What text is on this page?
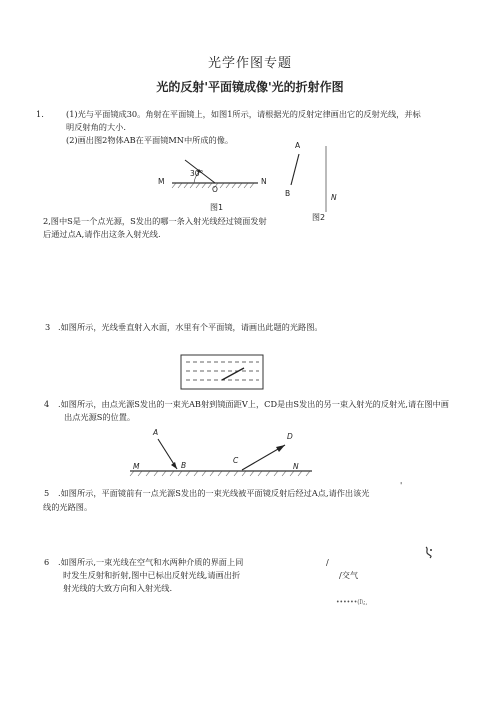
光学作图专题
光的反射'平面镜成像'光的折射作图
1.	(1)光与平面镜成30。角射在平面镜上，如图1所示，请根据光的反射定律画出它的反射光线，并标
明反射角的大小.
(2)画出图2物体AB在平面镜MN中所成的像。
M	N
O
30°
图1
A
B	N
图2
2,图中S是一个点光源，S发出的哪一条入射光线经过镜面发射
后通过点A,请作出这条入射光线.
3 .如图所示，光线垂直射入水面，水里有个平面镜，请画出此题的光路图。
4 .如图所示，由点光源S发出的一束光AB射到镜面距V上，CD是由S发出的另一束入射光的反射光,请在图中画
出点光源S的位置。
A
B
C
D
M	N
5 .如图所示，平面镜前有一点光源S发出的一束光线被平面镜反射后经过A点,请作出该光
线的光路图。
'
6 .如图所示,一束光线在空气和水两种介质的界面上同
时发生反射和折射,图中已标出反射光线,请画出折
射光线的大致方向和入射光线.
/
/交气
••••••(l\;,
